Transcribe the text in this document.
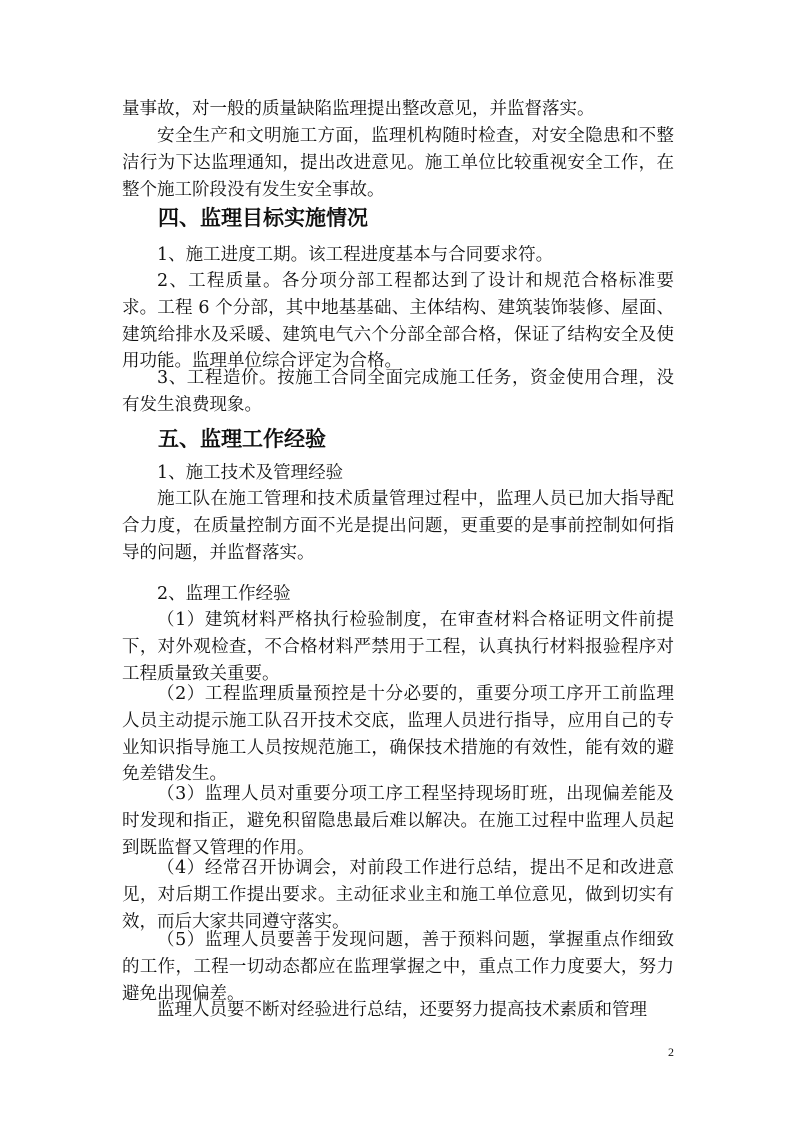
量事故，对一般的质量缺陷监理提出整改意见，并监督落实。

安全生产和文明施工方面，监理机构随时检查，对安全隐患和不整洁行为下达监理通知，提出改进意见。施工单位比较重视安全工作，在整个施工阶段没有发生安全事故。

四、监理目标实施情况

1、施工进度工期。该工程进度基本与合同要求符。

2、工程质量。各分项分部工程都达到了设计和规范合格标准要求。工程 6 个分部，其中地基基础、主体结构、建筑装饰装修、屋面、建筑给排水及采暖、建筑电气六个分部全部合格，保证了结构安全及使用功能。监理单位综合评定为合格。

3、工程造价。按施工合同全面完成施工任务，资金使用合理，没有发生浪费现象。

五、监理工作经验

1、施工技术及管理经验

施工队在施工管理和技术质量管理过程中，监理人员已加大指导配合力度，在质量控制方面不光是提出问题，更重要的是事前控制如何指导的问题，并监督落实。

2、监理工作经验

（1）建筑材料严格执行检验制度，在审查材料合格证明文件前提下，对外观检查，不合格材料严禁用于工程，认真执行材料报验程序对工程质量致关重要。

（2）工程监理质量预控是十分必要的，重要分项工序开工前监理人员主动提示施工队召开技术交底，监理人员进行指导，应用自己的专业知识指导施工人员按规范施工，确保技术措施的有效性，能有效的避免差错发生。

（3）监理人员对重要分项工序工程坚持现场盯班，出现偏差能及时发现和指正，避免积留隐患最后难以解决。在施工过程中监理人员起到既监督又管理的作用。

（4）经常召开协调会，对前段工作进行总结，提出不足和改进意见，对后期工作提出要求。主动征求业主和施工单位意见，做到切实有效，而后大家共同遵守落实。

（5）监理人员要善于发现问题，善于预料问题，掌握重点作细致的工作，工程一切动态都应在监理掌握之中，重点工作力度要大，努力避免出现偏差。

监理人员要不断对经验进行总结，还要努力提高技术素质和管理

2
